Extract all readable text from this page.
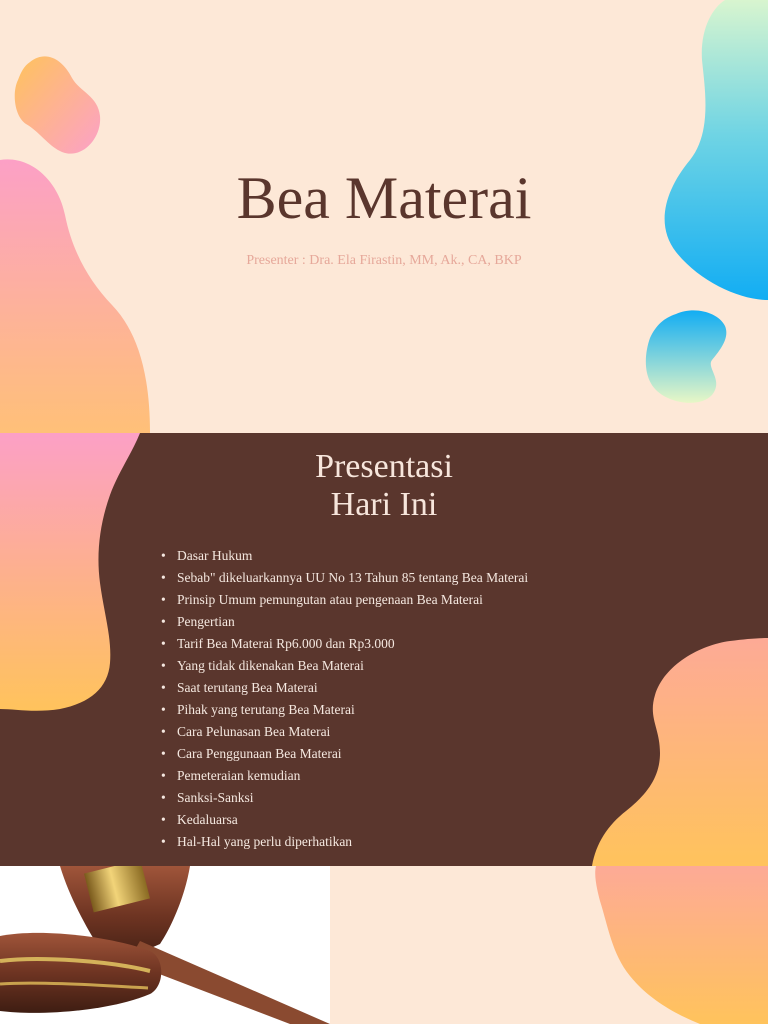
Bea Materai

Presenter : Dra. Ela Firastin, MM, Ak., CA, BKP

Presentasi
Hari Ini
• Dasar Hukum
• Sebab" dikeluarkannya UU No 13 Tahun 85 tentang Bea Materai
• Prinsip Umum pemungutan atau pengenaan Bea Materai
• Pengertian
• Tarif Bea Materai Rp6.000 dan Rp3.000
• Yang tidak dikenakan Bea Materai
• Saat terutang Bea Materai
• Pihak yang terutang Bea Materai
• Cara Pelunasan Bea Materai
• Cara Penggunaan Bea Materai
• Pemeteraian kemudian
• Sanksi-Sanksi
• Kedaluarsa
• Hal-Hal yang perlu diperhatikan
